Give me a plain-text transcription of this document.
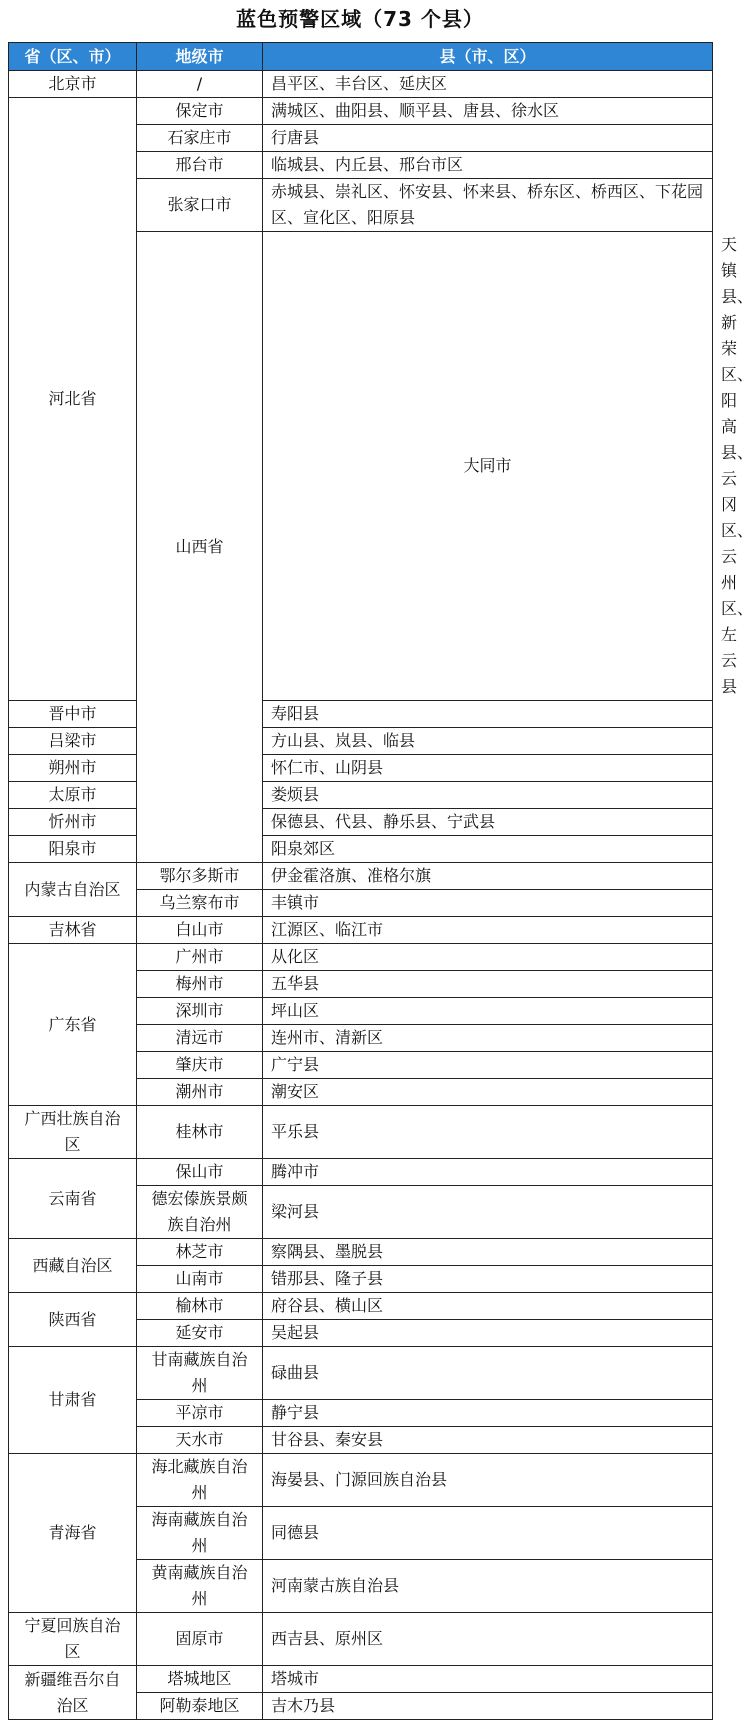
蓝色预警区域（73 个县）
省（区、市）	地级市	县（市、区）	
北京市	/	昌平区、丰台区、延庆区	
河北省	保定市	满城区、曲阳县、顺平县、唐县、徐水区	
	石家庄市	行唐县	
	邢台市	临城县、内丘县、邢台市区	
	张家口市	赤城县、崇礼区、怀安县、怀来县、桥东区、桥西区、下花园区、宣化区、阳原县	
	山西省	大同市	天镇县、新荣区、阳高县、云冈区、云州区、左云县
晋中市		寿阳县	
吕梁市		方山县、岚县、临县	
朔州市		怀仁市、山阴县	
太原市		娄烦县	
忻州市		保德县、代县、静乐县、宁武县	
阳泉市		阳泉郊区	
内蒙古自治区	鄂尔多斯市	伊金霍洛旗、准格尔旗	
	乌兰察布市	丰镇市	
吉林省	白山市	江源区、临江市	
广东省	广州市	从化区	
	梅州市	五华县	
	深圳市	坪山区	
	清远市	连州市、清新区	
	肇庆市	广宁县	
	潮州市	潮安区	
广西壮族自治区	桂林市	平乐县	
云南省	保山市	腾冲市	
	德宏傣族景颇族自治州	梁河县	
西藏自治区	林芝市	察隅县、墨脱县	
	山南市	错那县、隆子县	
陕西省	榆林市	府谷县、横山区	
	延安市	吴起县	
甘肃省	甘南藏族自治州	碌曲县	
	平凉市	静宁县	
	天水市	甘谷县、秦安县	
青海省	海北藏族自治州	海晏县、门源回族自治县	
	海南藏族自治州	同德县	
	黄南藏族自治州	河南蒙古族自治县	
宁夏回族自治区	固原市	西吉县、原州区	
新疆维吾尔自治区	塔城地区	塔城市	
	阿勒泰地区	吉木乃县	
